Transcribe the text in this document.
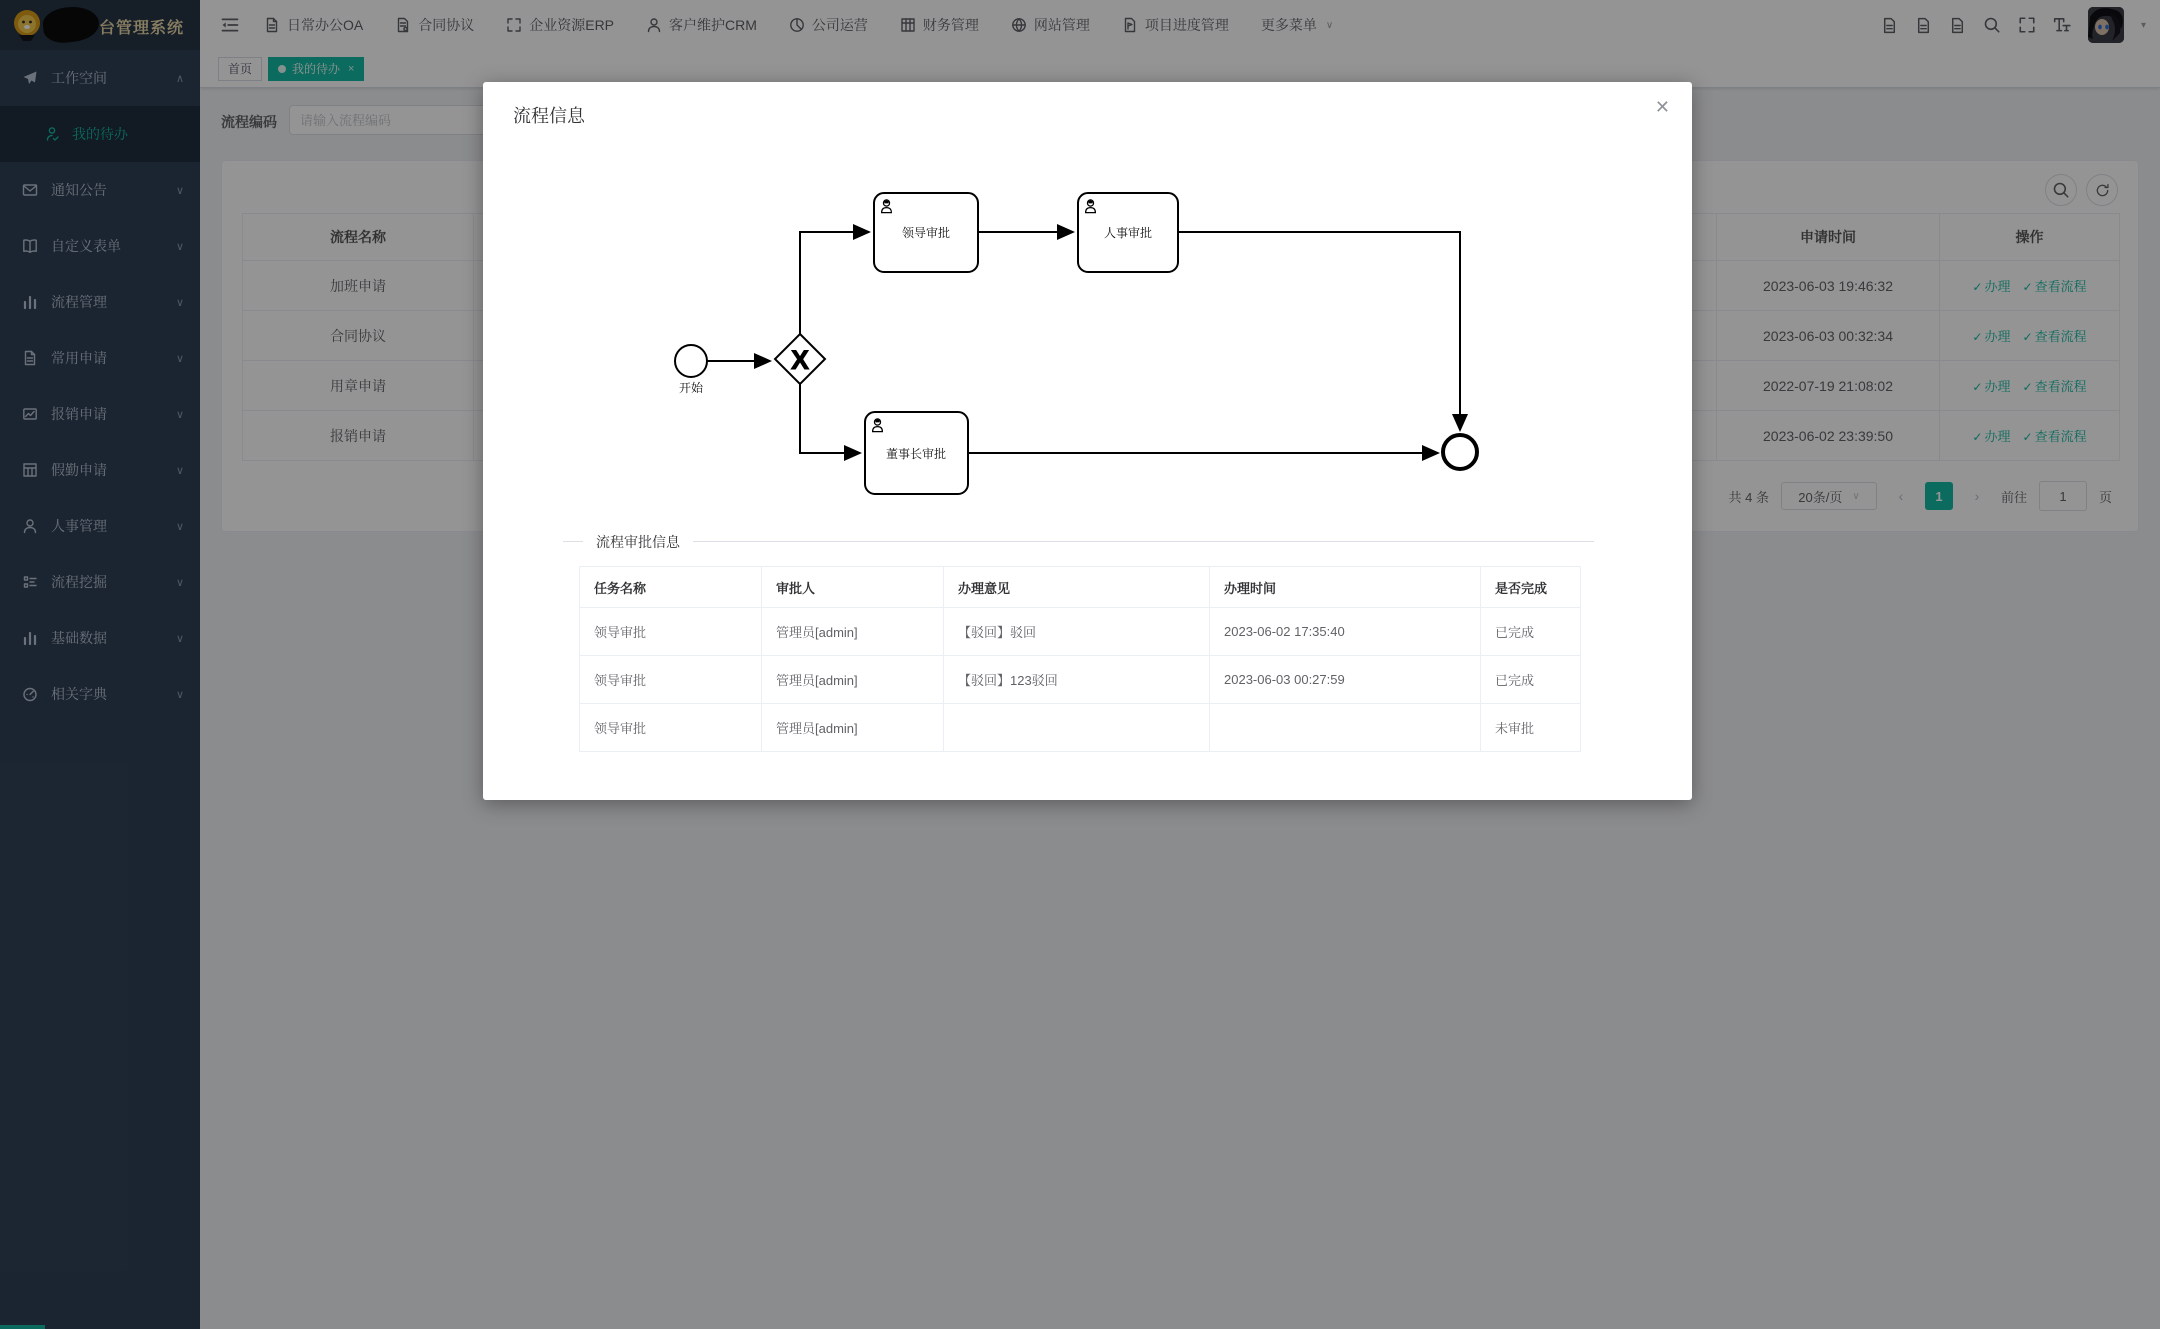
台管理系统	日常办公OA	合同协议	企业资源ERP	客户维护CRM	公司运营	财务管理	网站管理	项目进度管理 更多菜单 ∨	▾
工作空间	∧
我的待办
通知公告	∨
自定义表单	∨
流程管理	∨
常用申请	∨
报销申请	∨
假勤申请	∨
人事管理	∨
流程挖掘	∨
基础数据	∨
相关字典	∨
首页	我的待办 ×
流程编码
请输入流程编码
流程名称		申请时间	操作
加班申请		2023-06-03 19:46:32	✓ 办理 ✓ 查看流程
合同协议		2023-06-03 00:32:34	✓ 办理 ✓ 查看流程
用章申请		2022-07-19 21:08:02	✓ 办理 ✓ 查看流程
报销申请		2023-06-02 23:39:50	✓ 办理 ✓ 查看流程
共 4 条 20条/页 ∨	‹	1	›	前往
1	页
流程信息	✕
开始
X
领导审批	人事审批
董事长审批
流程审批信息
任务名称	审批人	办理意见	办理时间	是否完成
领导审批	管理员[admin]	【驳回】驳回	2023-06-02 17:35:40	已完成
领导审批	管理员[admin]	【驳回】123驳回	2023-06-03 00:27:59	已完成
领导审批	管理员[admin]			未审批
